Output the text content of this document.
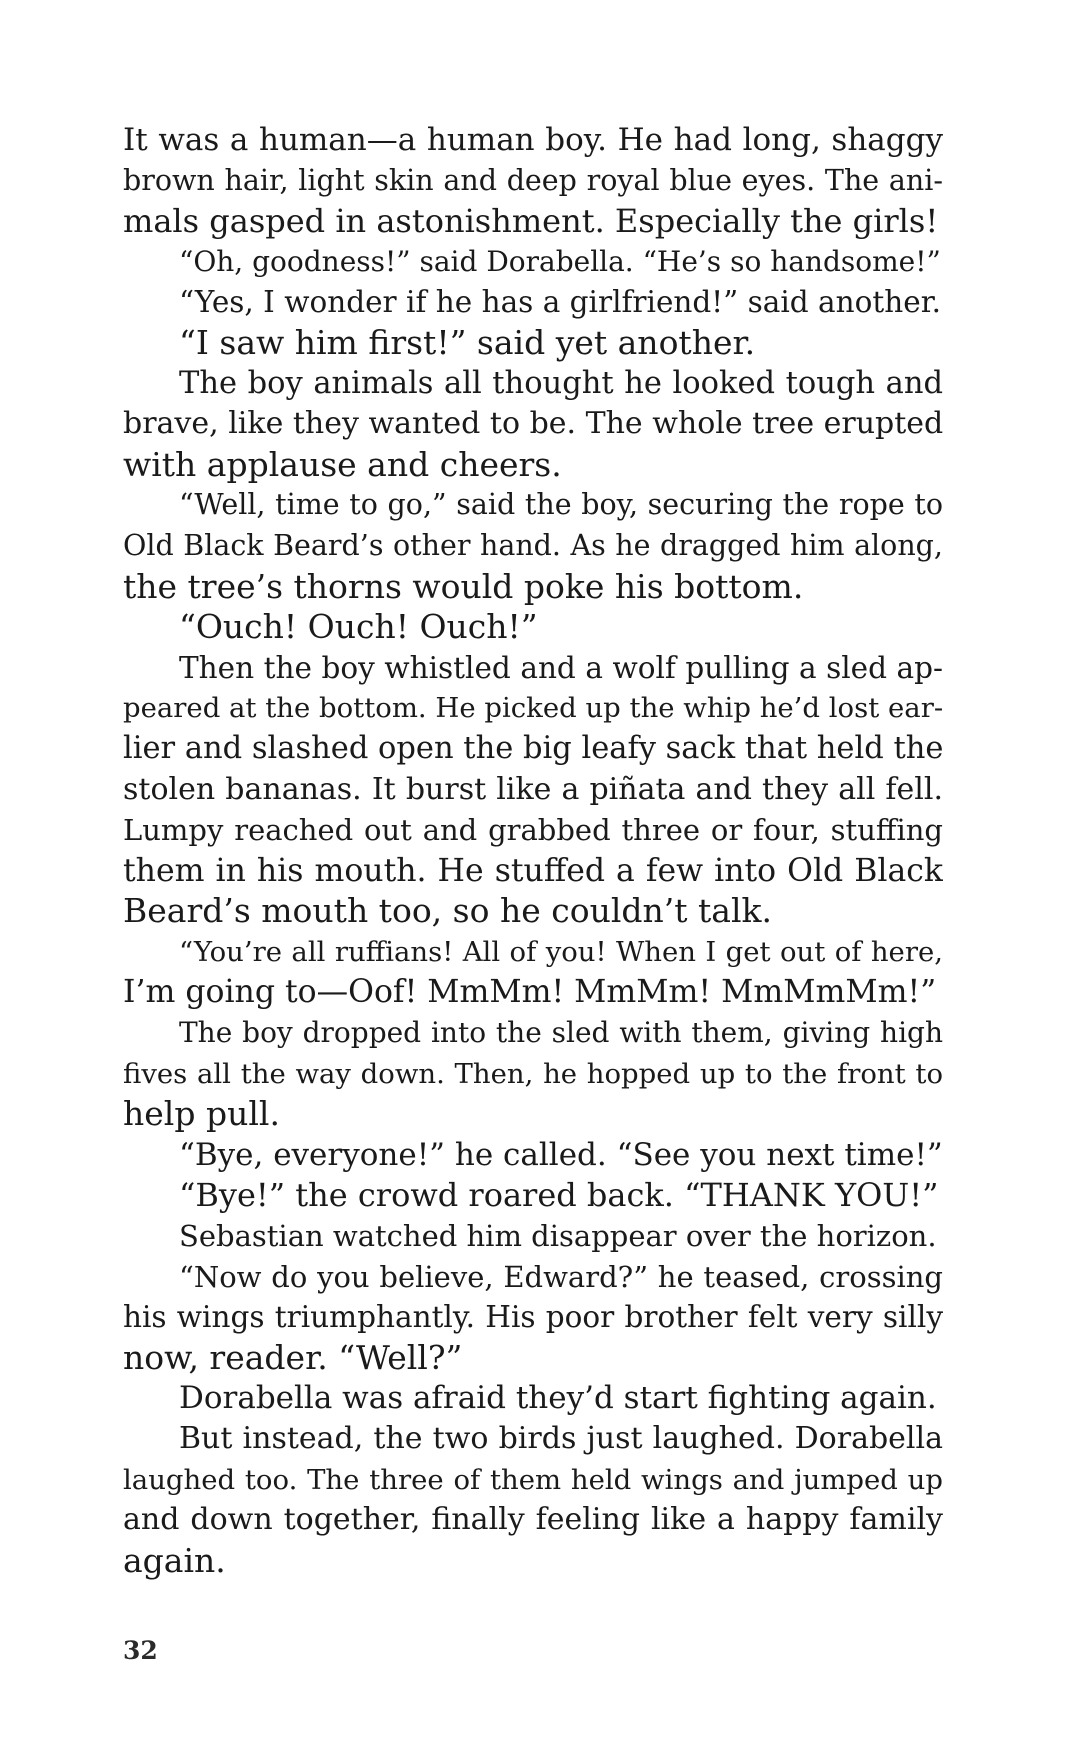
It was a human—a human boy. He had long, shaggy
brown hair, light skin and deep royal blue eyes. The ani-
mals gasped in astonishment. Especially the girls!
“Oh, goodness!” said Dorabella. “He’s so handsome!”
“Yes, I wonder if he has a girlfriend!” said another.
“I saw him first!” said yet another.
The boy animals all thought he looked tough and
brave, like they wanted to be. The whole tree erupted
with applause and cheers.
“Well, time to go,” said the boy, securing the rope to
Old Black Beard’s other hand. As he dragged him along,
the tree’s thorns would poke his bottom.
“Ouch! Ouch! Ouch!”
Then the boy whistled and a wolf pulling a sled ap-
peared at the bottom. He picked up the whip he’d lost ear-
lier and slashed open the big leafy sack that held the
stolen bananas. It burst like a piñata and they all fell.
Lumpy reached out and grabbed three or four, stuffing
them in his mouth. He stuffed a few into Old Black
Beard’s mouth too, so he couldn’t talk.
“You’re all ruffians! All of you! When I get out of here,
I’m going to—Oof! MmMm! MmMm! MmMmMm!”
The boy dropped into the sled with them, giving high
fives all the way down. Then, he hopped up to the front to
help pull.
“Bye, everyone!” he called. “See you next time!”
“Bye!” the crowd roared back. “THANK YOU!”
Sebastian watched him disappear over the horizon.
“Now do you believe, Edward?” he teased, crossing
his wings triumphantly. His poor brother felt very silly
now, reader. “Well?”
Dorabella was afraid they’d start fighting again.
But instead, the two birds just laughed. Dorabella
laughed too. The three of them held wings and jumped up
and down together, finally feeling like a happy family
again.
32
